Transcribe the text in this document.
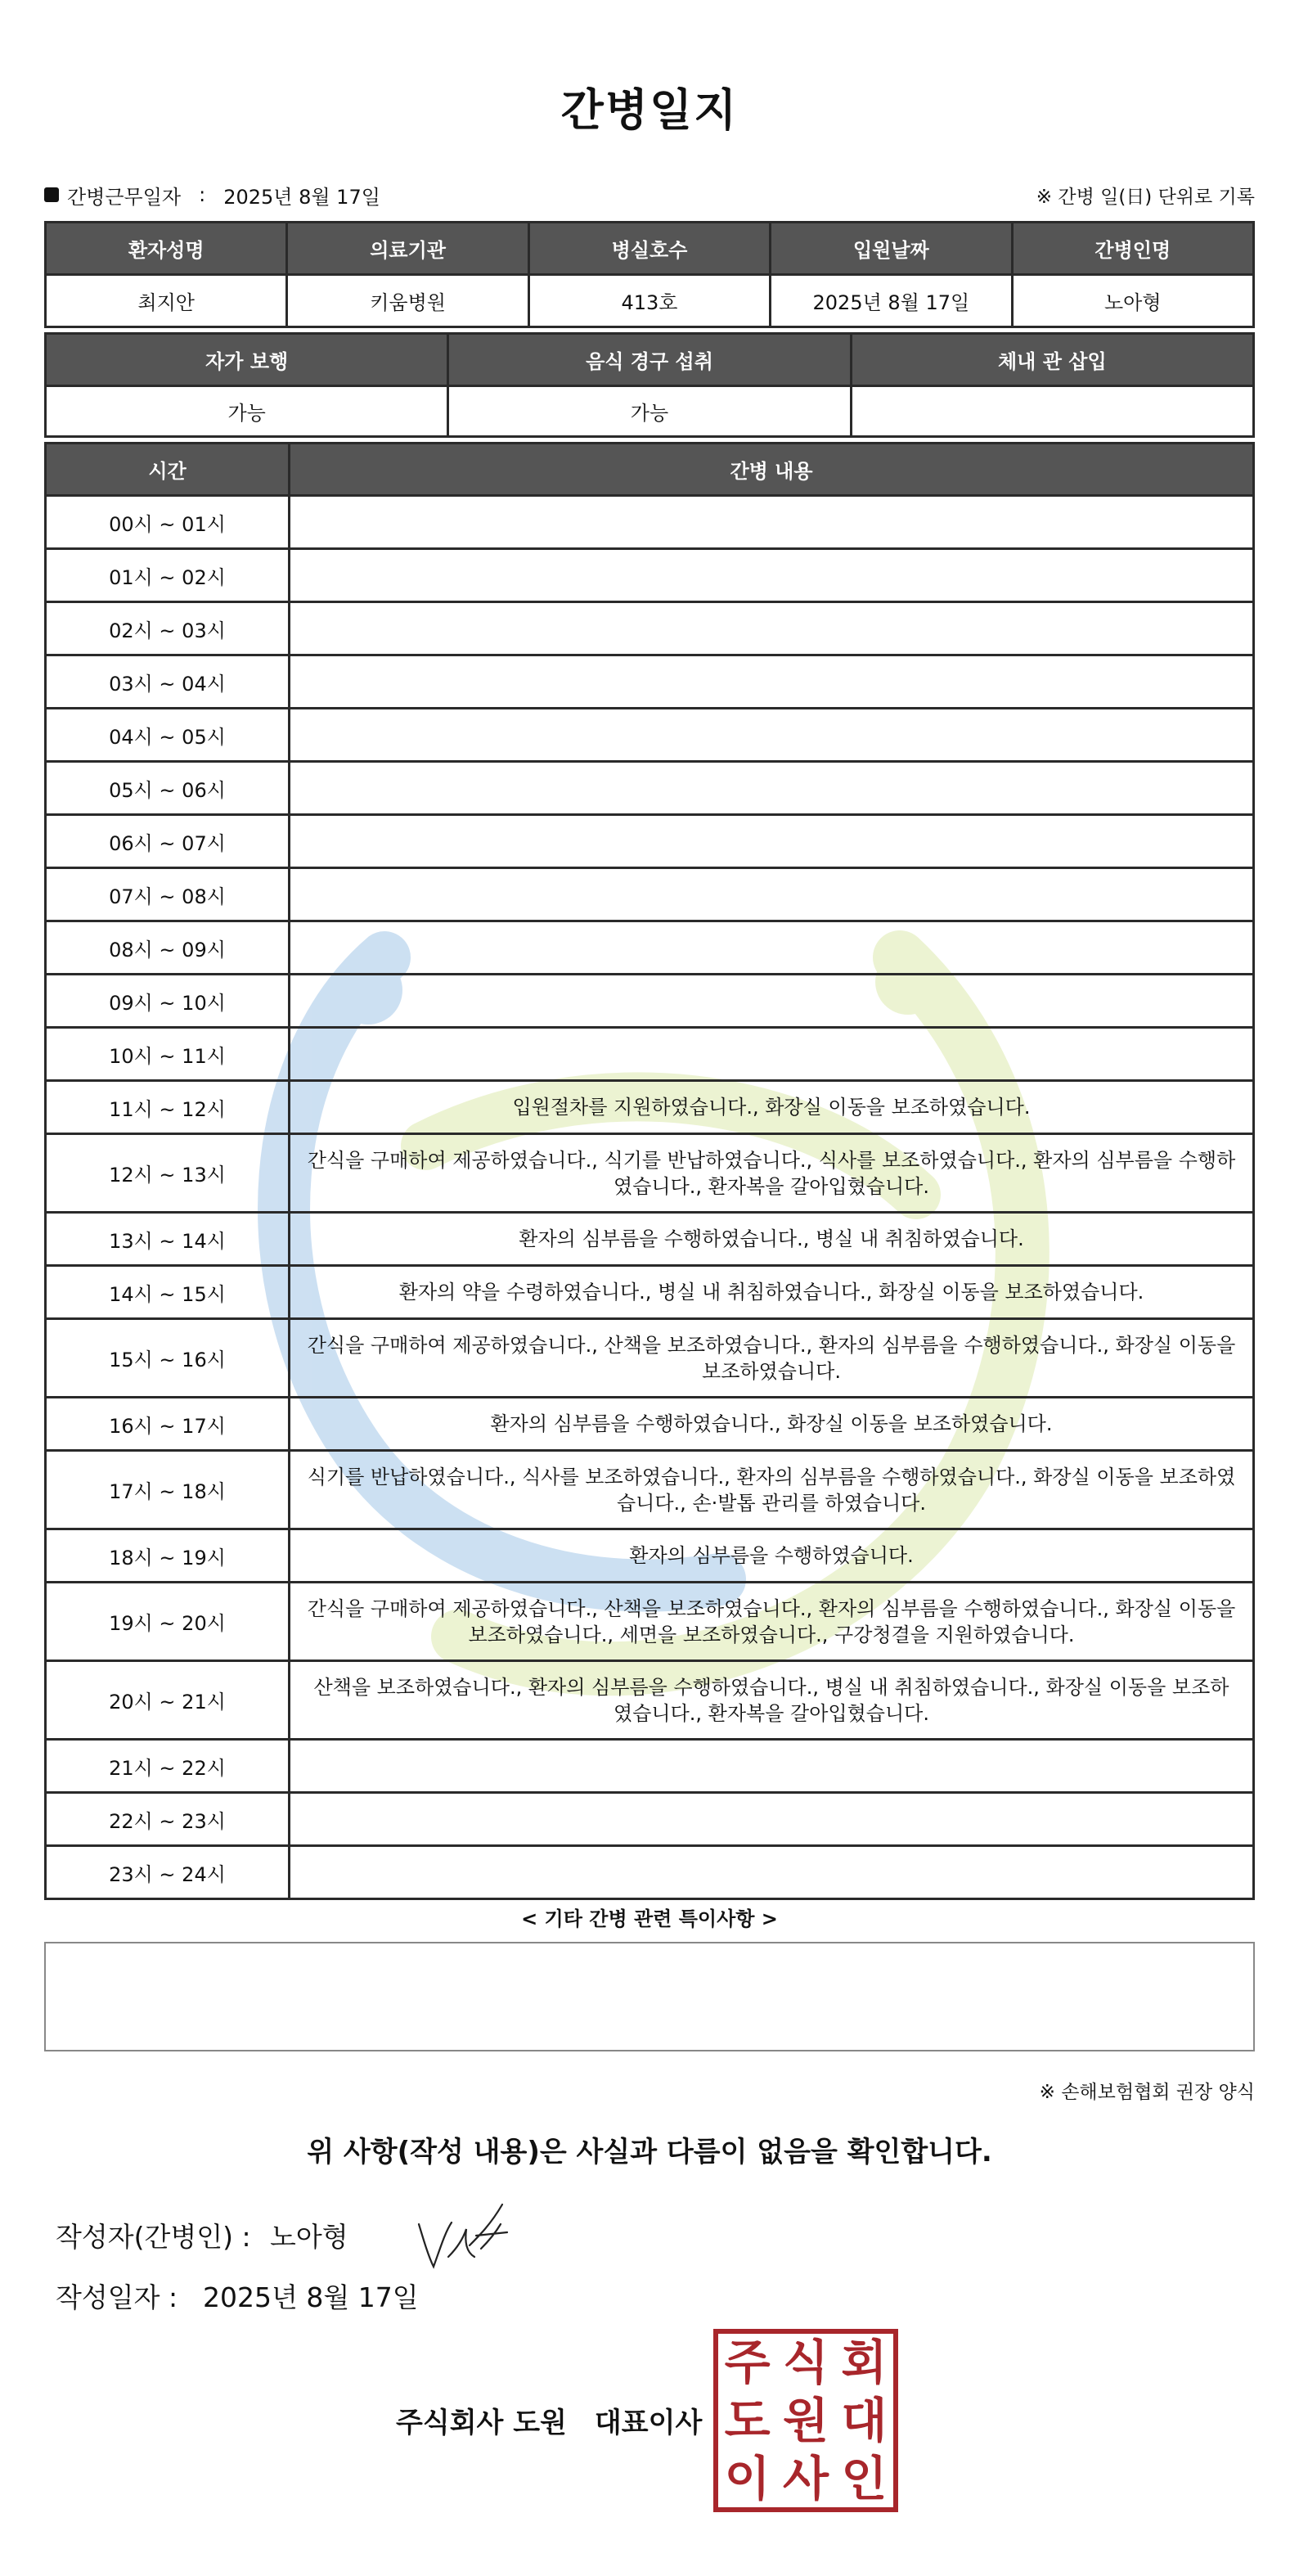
간병일지
간병근무일자 : 2025년 8월 17일	※ 간병 일(日) 단위로 기록
환자성명	의료기관	병실호수	입원날짜	간병인명
최지안	키움병원	413호	2025년 8월 17일	노아형
자가 보행	음식 경구 섭취	체내 관 삽입
가능	가능	
시간	간병 내용
00시 ~ 01시	
01시 ~ 02시	
02시 ~ 03시	
03시 ~ 04시	
04시 ~ 05시	
05시 ~ 06시	
06시 ~ 07시	
07시 ~ 08시	
08시 ~ 09시	
09시 ~ 10시	
10시 ~ 11시	
11시 ~ 12시	입원절차를 지원하였습니다., 화장실 이동을 보조하였습니다.
12시 ~ 13시	간식을 구매하여 제공하였습니다., 식기를 반납하였습니다., 식사를 보조하였습니다., 환자의 심부름을 수행하였습니다., 환자복을 갈아입혔습니다.
13시 ~ 14시	환자의 심부름을 수행하였습니다., 병실 내 취침하였습니다.
14시 ~ 15시	환자의 약을 수령하였습니다., 병실 내 취침하였습니다., 화장실 이동을 보조하였습니다.
15시 ~ 16시	간식을 구매하여 제공하였습니다., 산책을 보조하였습니다., 환자의 심부름을 수행하였습니다., 화장실 이동을 보조하였습니다.
16시 ~ 17시	환자의 심부름을 수행하였습니다., 화장실 이동을 보조하였습니다.
17시 ~ 18시	식기를 반납하였습니다., 식사를 보조하였습니다., 환자의 심부름을 수행하였습니다., 화장실 이동을 보조하였습니다., 손·발톱 관리를 하였습니다.
18시 ~ 19시	환자의 심부름을 수행하였습니다.
19시 ~ 20시	간식을 구매하여 제공하였습니다., 산책을 보조하였습니다., 환자의 심부름을 수행하였습니다., 화장실 이동을 보조하였습니다., 세면을 보조하였습니다., 구강청결을 지원하였습니다.
20시 ~ 21시	산책을 보조하였습니다., 환자의 심부름을 수행하였습니다., 병실 내 취침하였습니다., 화장실 이동을 보조하였습니다., 환자복을 갈아입혔습니다.
21시 ~ 22시	
22시 ~ 23시	
23시 ~ 24시	
< 기타 간병 관련 특이사항 >
※ 손해보험협회 권장 양식
위 사항(작성 내용)은 사실과 다름이 없음을 확인합니다.
작성자(간병인) : 노아형
작성일자 : 2025년 8월 17일
주식회사 도원 대표이사
주 식 회
도 원 대
이 사 인
